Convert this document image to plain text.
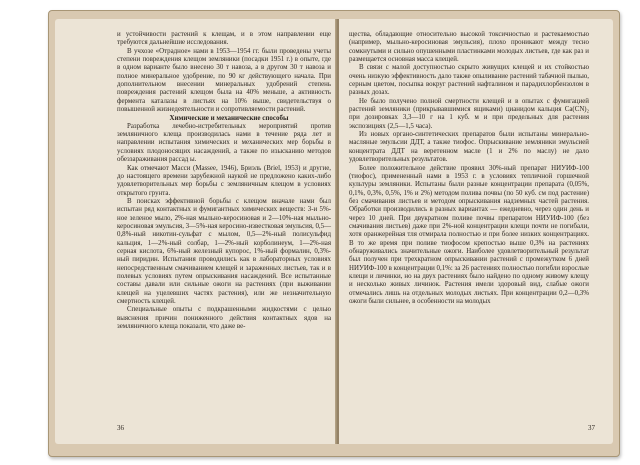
и устойчивости растений к клещам, и в этом направлении еще требуются дальнейшие исследования.

В учхозе «Отрадное» нами в 1953—1954 гг. были проведены учеты степени повреждения клещом земляники (посадки 1951 г.) в опыте, где в одном варианте было внесено 30 т навоза, а в другом 30 т навоза и полное минеральное удобрение, по 90 кг действующего начала. При дополнительном внесении минеральных удобрений степень повреждения растений клещом была на 40% меньше, а активность фермента каталазы в листьях на 10% выше, свидетельствуя о повышенной жизнедеятельности и сопротивляемости растений.

Химические и механические способы

Разработка лечебно-истребительных мероприятий против земляничного клеща производилась нами в течение ряда лет и направлении испытания химических и механических мер борьбы в условиях плодоносящих насаждений, а также по изысканию методов обеззараживания рассад ы.

Как отмечают Масси (Massee, 1946), Бриэль (Briel, 1953) и другие, до настоящего времени зарубежной наукой не предложено каких-либо удовлетворительных мер борьбы с земляничным клещом в условиях открытого грунта.

В поисках эффективной борьбы с клещом вначале нами был испытан ряд контактных и фумигантных химических веществ: 3-и 5%-ное зеленое мыло, 2%-ная мыльно-керосиновая и 2—10%-ная мыльно-керосиновая эмульсия, 3—5%-ная керосино-известковая эмульсия, 0,5—0,8%-ный никотин-сульфат с мылом, 0,5—2%-ный полисульфид кальция, 1—2%-ный солбар, 1—2%-ный корболинеум, 1—2%-ная серная кислота, 6%-ный железный купорос, 1%-ный формалин, 0,3%-ный пиридин. Испытания проводились как в лабораторных условиях непосредственным смачиванием клещей и зараженных листьев, так и в полевых условиях путем опрыскивания насаждений. Все испытанные составы давали или сильные ожоги на растениях (при выживании клещей на уцелевших частях растения), или же незначительную смертность клещей.

Специальные опыты с подкрашенными жидкостями с целью выяснения причин пониженного действия контактных ядов на земляничного клеща показали, что даже ве-

36

щества, обладающие относительно высокой токсичностью и растекаемостью (например, мыльно-керосиновая эмульсия), плохо проникают между тесно сомкнутыми и сильно опушенными пластинками молодых листьев, где как раз и размещается основная масса клещей.

В связи с малой доступностью скрыто живущих клещей и их стойкостью очень низкую эффективность дало также опыливание растений табачной пылью, серным цветом, посыпка вокруг растений нафталином и парадихлорбензолом в разных дозах.

Не было получено полной смертности клещей и в опытах с фумигацией растений земляники (прикрывавшимися ящиками) цианидом кальция Ca(CN)₂ при дозировках 3,3—10 г на 1 куб. м и при предельных для растения экспозициях (2,5—1,5 часа).

Из новых органо-синтетических препаратов были испытаны минерально-масляные эмульсии ДДТ, а также тиофос. Опрыскивание земляники эмульсией концентрата ДДТ на веретенном масле (1 и 2% по маслу) не дало удовлетворительных результатов.

Более положительное действие проявил 30%-ный препарат НИУИФ-100 (тиофос), примененный нами в 1953 г. в условиях тепличной горшечной культуры земляники. Испытаны были разные концентрации препарата (0,05%, 0,1%, 0,3%, 0,5%, 1% и 2%) методом полива почвы (по 50 куб. см под растение) без смачивания листьев и методом опрыскивания надземных частей растения. Обработки производились в разных вариантах — ежедневно, через один день и через 10 дней. При двукратном поливе почвы препаратом НИУИФ-100 (без смачивания листьев) даже при 2%-ной концентрации клещи почти не погибали, хотя оранжерейная тля отмирала полностью и при более низких концентрациях. В то же время при поливе тиофосом крепостью выше 0,3% на растениях обнаруживались значительные ожоги. Наиболее удовлетворительный результат был получен при трехкратном опрыскивании растений с промежутком 6 дней НИУИФ-100 в концентрации 0,1%: за 26 растениях полностью погибли взрослые клещи и личинки, но на двух растениях было найдено по одному живому клещу и несколько живых личинок. Растения имели здоровый вид, слабые ожоги отмечались лишь на отдельных молодых листьях. При концентрации 0,2—0,3% ожоги были сильнее, в особенности на молодых

37
